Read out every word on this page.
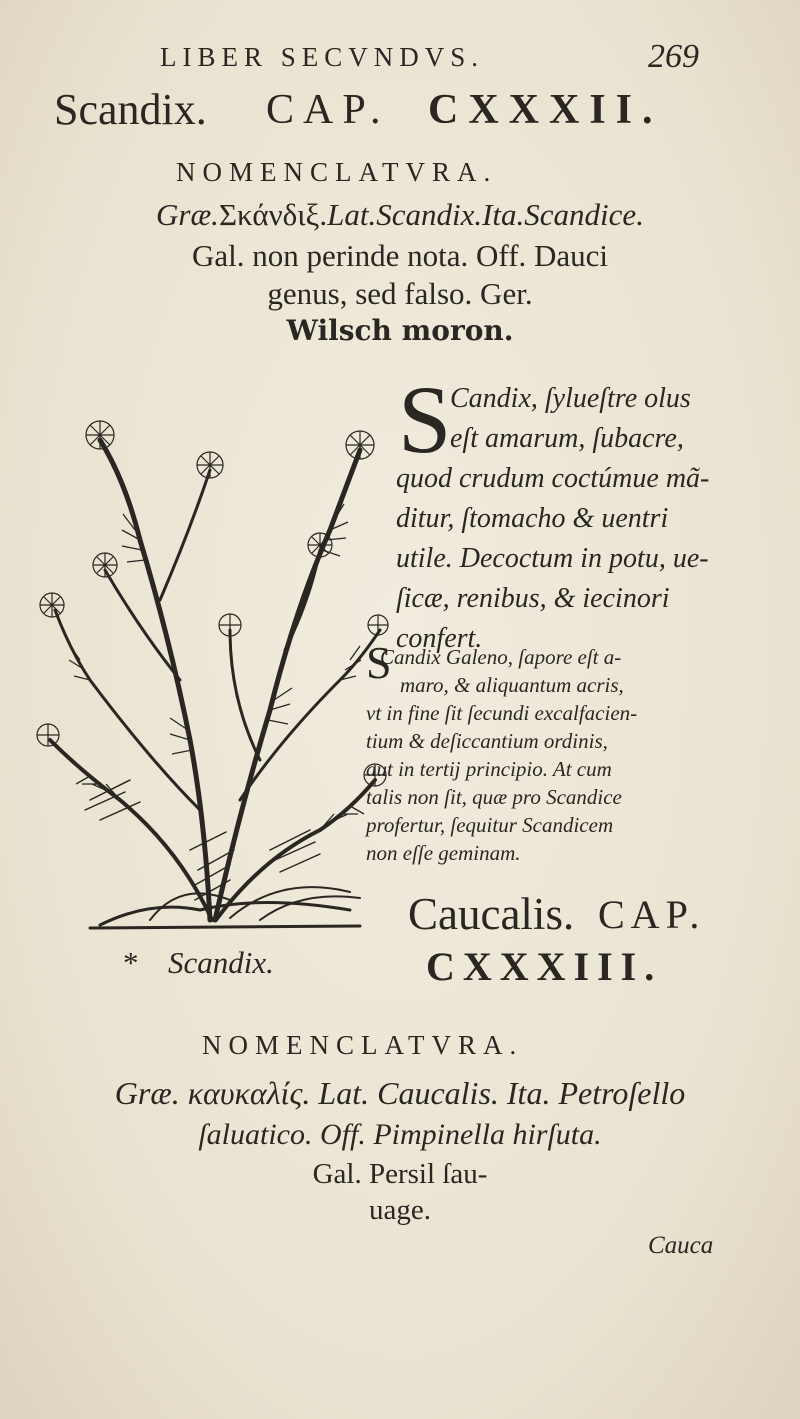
LIBER SECVNDVS.	269
Scandix. CAP. CXXXII.
NOMENCLATVRA.
Græ.Σκάνδιξ.Lat.Scandix.Ita.Scandice.
Gal. non perinde nota. Off. Dauci
genus, sed falso. Ger.
Wilsch moron.
* Scandix.
S
Candix, ſylueſtre olus
eſt amarum, ſubacre,
quod crudum coctúmue mã-
ditur, ſtomacho & uentri
utile. Decoctum in potu, ue-
ſicæ, renibus, & iecinori
confert.
S
Candix Galeno, ſapore eſt a-
maro, & aliquantum acris,
vt in fine ſit ſecundi excalfacien-
tium & deſiccantium ordinis,
aut in tertij principio. At cum
talis non ſit, quæ pro Scandice
profertur, ſequitur Scandicem
non eſſe geminam.
Caucalis. CAP.
CXXXIII.
NOMENCLATVRA.
Græ. καυκαλίς. Lat. Caucalis. Ita. Petroſello
ſaluatico. Off. Pimpinella hirſuta.
Gal. Persil ſau-
uage.
Cauca
